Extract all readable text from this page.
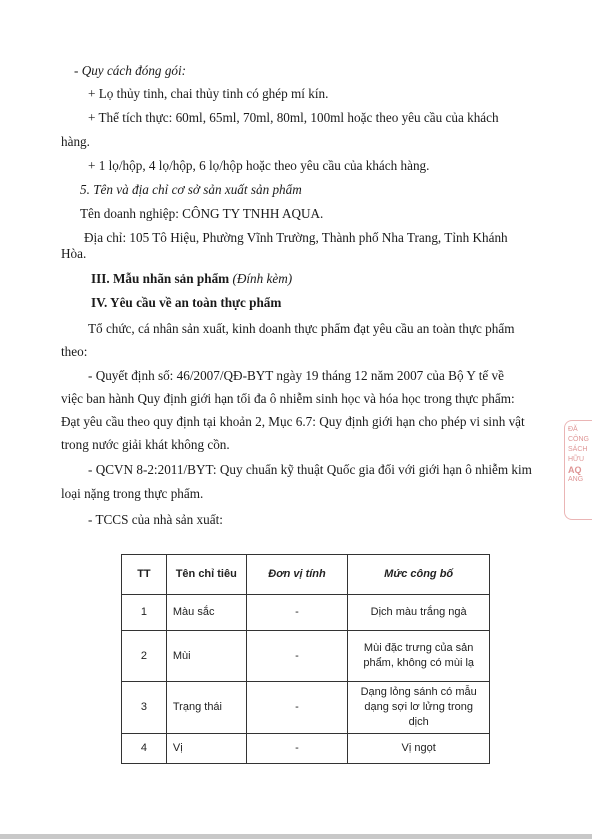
- Quy cách đóng gói:
+ Lọ thủy tinh, chai thủy tinh có ghép mí kín.
+ Thể tích thực: 60ml, 65ml, 70ml, 80ml, 100ml hoặc theo yêu cầu của khách
hàng.
+ 1 lọ/hộp, 4 lọ/hộp, 6 lọ/hộp hoặc theo yêu cầu của khách hàng.
5. Tên và địa chỉ cơ sở sản xuất sản phẩm
Tên doanh nghiệp: CÔNG TY TNHH AQUA.
Địa chỉ: 105 Tô Hiệu, Phường Vĩnh Trường, Thành phố Nha Trang, Tỉnh Khánh
Hòa.
III. Mẫu nhãn sản phẩm (Đính kèm)
IV. Yêu cầu về an toàn thực phẩm
Tổ chức, cá nhân sản xuất, kinh doanh thực phẩm đạt yêu cầu an toàn thực phẩm
theo:
- Quyết định số: 46/2007/QĐ-BYT ngày 19 tháng 12 năm 2007 của Bộ Y tế về
việc ban hành Quy định giới hạn tối đa ô nhiễm sinh học và hóa học trong thực phẩm:
Đạt yêu cầu theo quy định tại khoản 2, Mục 6.7: Quy định giới hạn cho phép vi sinh vật
trong nước giải khát không cồn.
- QCVN 8-2:2011/BYT: Quy chuẩn kỹ thuật Quốc gia đối với giới hạn ô nhiễm kim
loại nặng trong thực phẩm.
- TCCS của nhà sản xuất:
TT	Tên chỉ tiêu	Đơn vị tính	Mức công bố
1	Màu sắc	-	Dịch màu trắng ngà
2	Mùi	-	Mùi đặc trưng của sản phẩm, không có mùi lạ
3	Trạng thái	-	Dạng lỏng sánh có mẫu dạng sợi lơ lửng trong dịch
4	Vị	-	Vị ngọt
ĐĂ
CÔNG
SÁCH
HỮU
AQ
ANG
